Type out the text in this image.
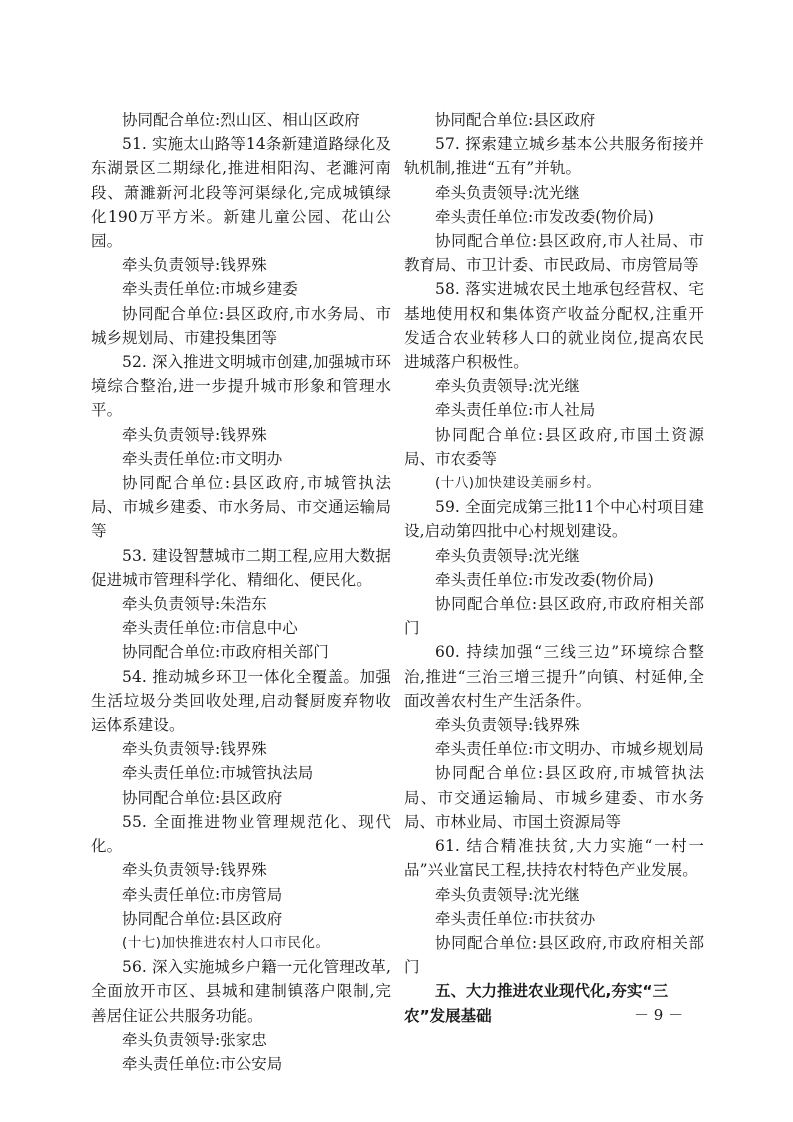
协同配合单位:烈山区、相山区政府

51. 实施太山路等14条新建道路绿化及东湖景区二期绿化,推进相阳沟、老濉河南段、萧濉新河北段等河渠绿化,完成城镇绿化190万平方米。新建儿童公园、花山公园。

牵头负责领导:钱界殊

牵头责任单位:市城乡建委

协同配合单位:县区政府,市水务局、市城乡规划局、市建投集团等

52. 深入推进文明城市创建,加强城市环境综合整治,进一步提升城市形象和管理水平。

牵头负责领导:钱界殊

牵头责任单位:市文明办

协同配合单位:县区政府,市城管执法局、市城乡建委、市水务局、市交通运输局等

53. 建设智慧城市二期工程,应用大数据促进城市管理科学化、精细化、便民化。

牵头负责领导:朱浩东

牵头责任单位:市信息中心

协同配合单位:市政府相关部门

54. 推动城乡环卫一体化全覆盖。加强生活垃圾分类回收处理,启动餐厨废弃物收运体系建设。

牵头负责领导:钱界殊

牵头责任单位:市城管执法局

协同配合单位:县区政府

55. 全面推进物业管理规范化、现代化。

牵头负责领导:钱界殊

牵头责任单位:市房管局

协同配合单位:县区政府

(十七)加快推进农村人口市民化。

56. 深入实施城乡户籍一元化管理改革,全面放开市区、县城和建制镇落户限制,完善居住证公共服务功能。

牵头负责领导:张家忠

牵头责任单位:市公安局

协同配合单位:县区政府

57. 探索建立城乡基本公共服务衔接并轨机制,推进“五有”并轨。

牵头负责领导:沈光继

牵头责任单位:市发改委(物价局)

协同配合单位:县区政府,市人社局、市教育局、市卫计委、市民政局、市房管局等

58. 落实进城农民土地承包经营权、宅基地使用权和集体资产收益分配权,注重开发适合农业转移人口的就业岗位,提高农民进城落户积极性。

牵头负责领导:沈光继

牵头责任单位:市人社局

协同配合单位:县区政府,市国土资源局、市农委等

(十八)加快建设美丽乡村。

59. 全面完成第三批11个中心村项目建设,启动第四批中心村规划建设。

牵头负责领导:沈光继

牵头责任单位:市发改委(物价局)

协同配合单位:县区政府,市政府相关部门

60. 持续加强“三线三边”环境综合整治,推进“三治三增三提升”向镇、村延伸,全面改善农村生产生活条件。

牵头负责领导:钱界殊

牵头责任单位:市文明办、市城乡规划局

协同配合单位:县区政府,市城管执法局、市交通运输局、市城乡建委、市水务局、市林业局、市国土资源局等

61. 结合精准扶贫,大力实施“一村一品”兴业富民工程,扶持农村特色产业发展。

牵头负责领导:沈光继

牵头责任单位:市扶贫办

协同配合单位:县区政府,市政府相关部门

五、大力推进农业现代化,夯实“三农”发展基础	－ 9 －
